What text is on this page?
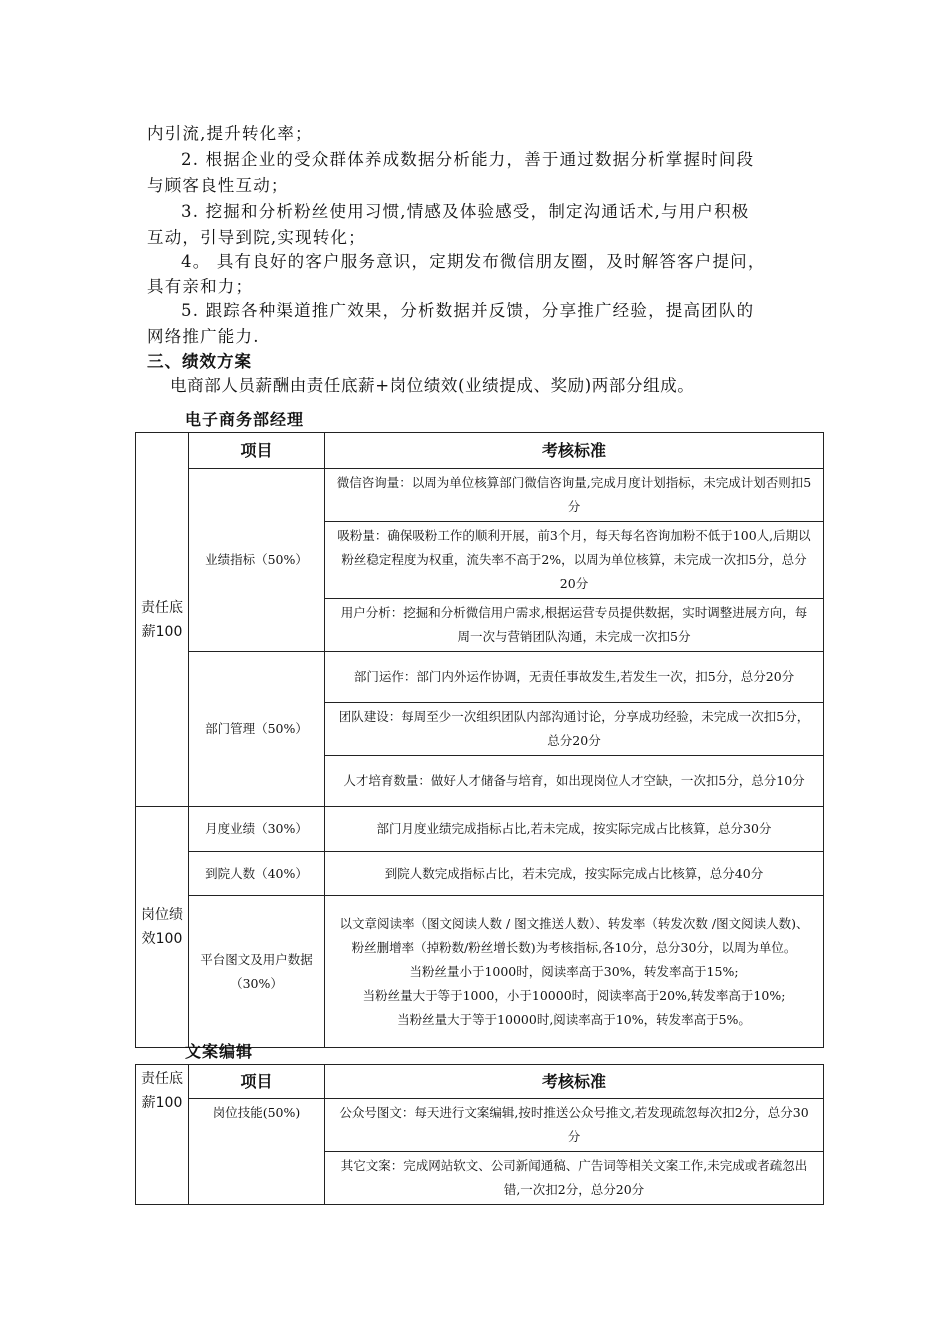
内引流,提升转化率；
2. 根据企业的受众群体养成数据分析能力，善于通过数据分析掌握时间段
与顾客良性互动；
3. 挖掘和分析粉丝使用习惯,情感及体验感受，制定沟通话术,与用户积极
互动，引导到院,实现转化；
4。 具有良好的客户服务意识，定期发布微信朋友圈，及时解答客户提问，
具有亲和力；
5. 跟踪各种渠道推广效果，分析数据并反馈，分享推广经验，提高团队的
网络推广能力.
三、绩效方案
电商部人员薪酬由责任底薪+岗位绩效(业绩提成、奖励)两部分组成。
电子商务部经理
责任底薪100	项目	考核标准
	业绩指标（50%）	微信咨询量：以周为单位核算部门微信咨询量,完成月度计划指标，未完成计划否则扣5分
		吸粉量：确保吸粉工作的顺利开展，前3个月，每天每名咨询加粉不低于100人,后期以粉丝稳定程度为权重，流失率不高于2%，以周为单位核算，未完成一次扣5分，总分20分
		用户分析：挖掘和分析微信用户需求,根据运营专员提供数据，实时调整进展方向，每周一次与营销团队沟通，未完成一次扣5分
	部门管理（50%）	部门运作：部门内外运作协调，无责任事故发生,若发生一次，扣5分，总分20分
		团队建设：每周至少一次组织团队内部沟通讨论，分享成功经验，未完成一次扣5分，总分20分
		人才培育数量：做好人才储备与培育，如出现岗位人才空缺，一次扣5分，总分10分
岗位绩效100	月度业绩（30%）	部门月度业绩完成指标占比,若未完成，按实际完成占比核算，总分30分
	到院人数（40%）	到院人数完成指标占比，若未完成，按实际完成占比核算，总分40分
	平台图文及用户数据（30%）	以文章阅读率（图文阅读人数 / 图文推送人数）、转发率（转发次数 /图文阅读人数)、粉丝删增率（掉粉数/粉丝增长数)为考核指标,各10分，总分30分，以周为单位。
当粉丝量小于1000时，阅读率高于30%，转发率高于15%;
当粉丝量大于等于1000，小于10000时，阅读率高于20%,转发率高于10%;
当粉丝量大于等于10000时,阅读率高于10%，转发率高于5%。
文案编辑
责任底薪100	项目	考核标准
	岗位技能(50%)	公众号图文：每天进行文案编辑,按时推送公众号推文,若发现疏忽每次扣2分，总分30分
		其它文案：完成网站软文、公司新闻通稿、广告词等相关文案工作,未完成或者疏忽出错,一次扣2分，总分20分
